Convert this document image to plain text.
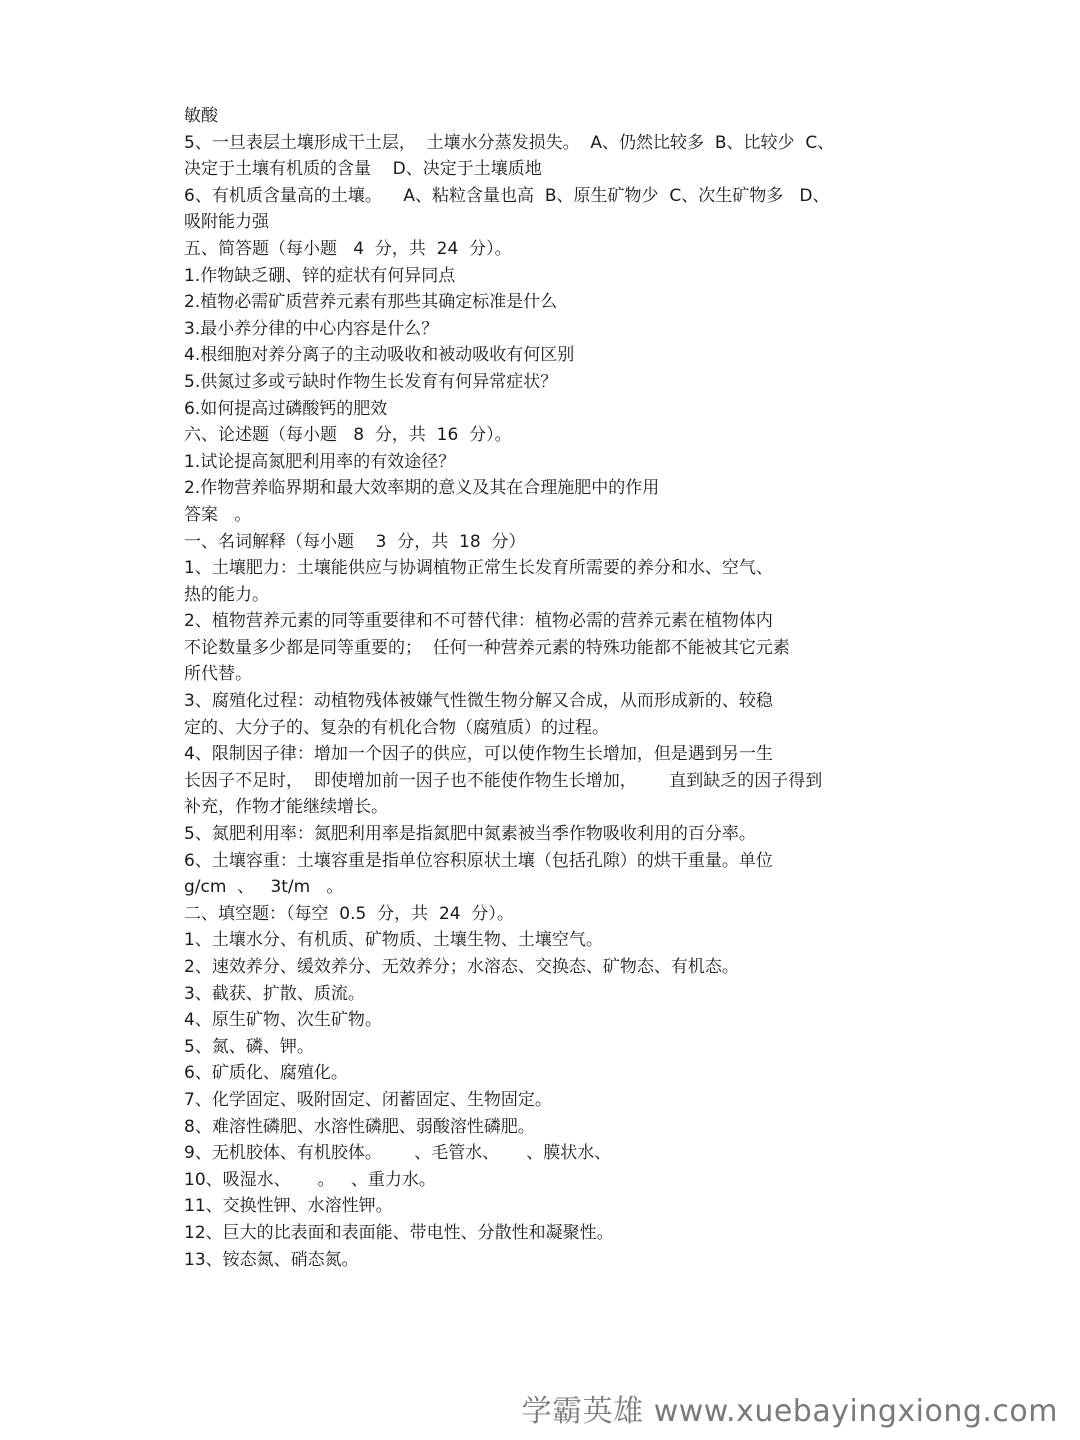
敏酸
5、一旦表层土壤形成干土层，  土壤水分蒸发损失。  A、仍然比较多  B、比较少  C、
决定于土壤有机质的含量    D、决定于土壤质地
6、有机质含量高的土壤。    A、粘粒含量也高  B、原生矿物少  C、次生矿物多   D、
吸附能力强
五、简答题（每小题   4  分，共  24  分）。
1.作物缺乏硼、锌的症状有何异同点
2.植物必需矿质营养元素有那些其确定标准是什么
3.最小养分律的中心内容是什么？
4.根细胞对养分离子的主动吸收和被动吸收有何区别
5.供氮过多或亏缺时作物生长发育有何异常症状？
6.如何提高过磷酸钙的肥效
六、论述题（每小题   8  分，共  16  分）。
1.试论提高氮肥利用率的有效途径？
2.作物营养临界期和最大效率期的意义及其在合理施肥中的作用
答案   。
一、名词解释（每小题    3  分，共  18  分）
1、土壤肥力：土壤能供应与协调植物正常生长发育所需要的养分和水、空气、
热的能力。
2、植物营养元素的同等重要律和不可替代律：植物必需的营养元素在植物体内
不论数量多少都是同等重要的；  任何一种营养元素的特殊功能都不能被其它元素
所代替。
3、腐殖化过程：动植物残体被嫌气性微生物分解又合成，从而形成新的、较稳
定的、大分子的、复杂的有机化合物（腐殖质）的过程。
4、限制因子律：增加一个因子的供应，可以使作物生长增加，但是遇到另一生
长因子不足时，  即使增加前一因子也不能使作物生长增加，      直到缺乏的因子得到
补充，作物才能继续增长。
5、氮肥利用率：氮肥利用率是指氮肥中氮素被当季作物吸收利用的百分率。
6、土壤容重：土壤容重是指单位容积原状土壤（包括孔隙）的烘干重量。单位
g/cm  、   3t/m   。
二、填空题：（每空  0.5  分，共  24  分）。
1、土壤水分、有机质、矿物质、土壤生物、土壤空气。
2、速效养分、缓效养分、无效养分；水溶态、交换态、矿物态、有机态。
3、截获、扩散、质流。
4、原生矿物、次生矿物。
5、氮、磷、钾。
6、矿质化、腐殖化。
7、化学固定、吸附固定、闭蓄固定、生物固定。
8、难溶性磷肥、水溶性磷肥、弱酸溶性磷肥。
9、无机胶体、有机胶体。      、毛管水、     、膜状水、
10、吸湿水、     。   、重力水。
11、交换性钾、水溶性钾。
12、巨大的比表面和表面能、带电性、分散性和凝聚性。
13、铵态氮、硝态氮。
学霸英雄 www.xuebayingxiong.com
